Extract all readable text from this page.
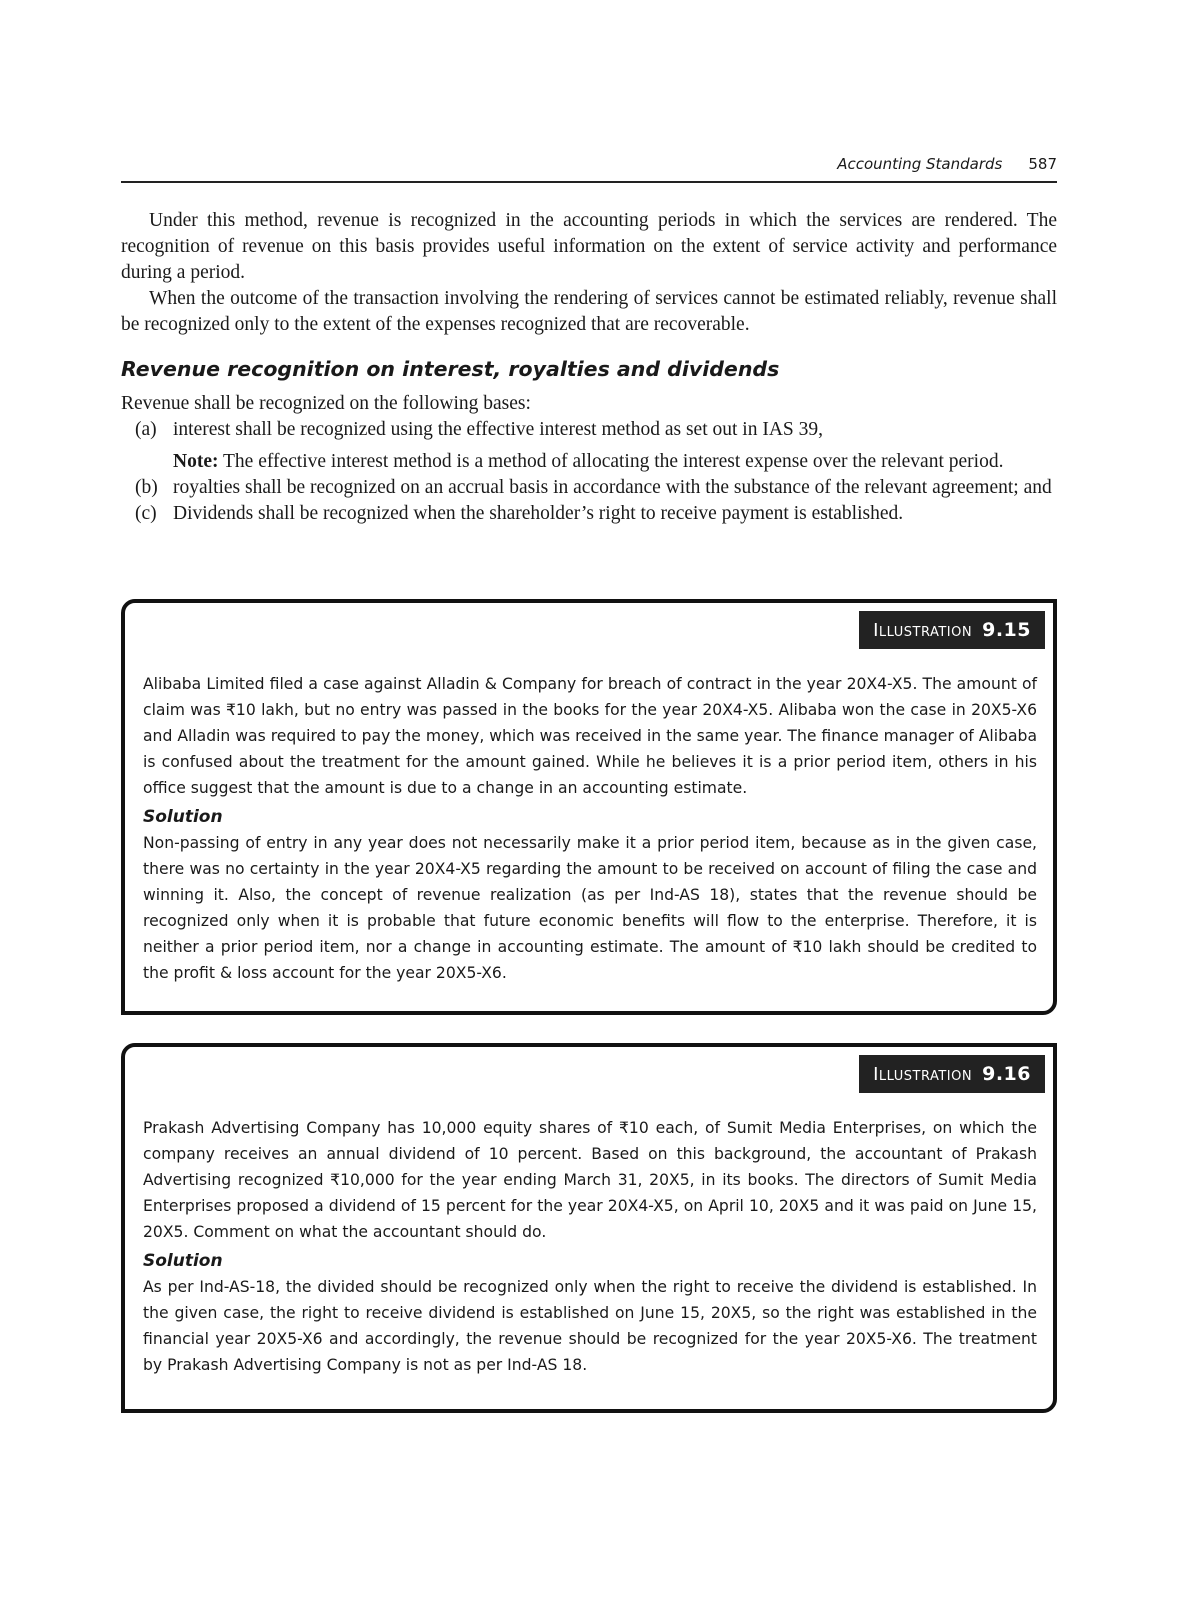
Accounting Standards 587

Under this method, revenue is recognized in the accounting periods in which the services are rendered. The recognition of revenue on this basis provides useful information on the extent of service activity and performance during a period.

When the outcome of the transaction involving the rendering of services cannot be estimated reliably, revenue shall be recognized only to the extent of the expenses recognized that are recoverable.

Revenue recognition on interest, royalties and dividends

Revenue shall be recognized on the following bases:

(a) interest shall be recognized using the effective interest method as set out in IAS 39,
Note: The effective interest method is a method of allocating the interest expense over the relevant period.
(b) royalties shall be recognized on an accrual basis in accordance with the substance of the relevant agreement; and
(c) Dividends shall be recognized when the shareholder’s right to receive payment is established.
Illustration 9.15

Alibaba Limited filed a case against Alladin & Company for breach of contract in the year 20X4-X5. The amount of claim was ₹10 lakh, but no entry was passed in the books for the year 20X4-X5. Alibaba won the case in 20X5-X6 and Alladin was required to pay the money, which was received in the same year. The finance manager of Alibaba is confused about the treatment for the amount gained. While he believes it is a prior period item, others in his office suggest that the amount is due to a change in an accounting estimate.

Solution

Non-passing of entry in any year does not necessarily make it a prior period item, because as in the given case, there was no certainty in the year 20X4-X5 regarding the amount to be received on account of filing the case and winning it. Also, the concept of revenue realization (as per Ind-AS 18), states that the revenue should be recognized only when it is probable that future economic benefits will flow to the enterprise. Therefore, it is neither a prior period item, nor a change in accounting estimate. The amount of ₹10 lakh should be credited to the profit & loss account for the year 20X5-X6.

Illustration 9.16

Prakash Advertising Company has 10,000 equity shares of ₹10 each, of Sumit Media Enterprises, on which the company receives an annual dividend of 10 percent. Based on this background, the accountant of Prakash Advertising recognized ₹10,000 for the year ending March 31, 20X5, in its books. The directors of Sumit Media Enterprises proposed a dividend of 15 percent for the year 20X4-X5, on April 10, 20X5 and it was paid on June 15, 20X5. Comment on what the accountant should do.

Solution

As per Ind-AS-18, the divided should be recognized only when the right to receive the dividend is established. In the given case, the right to receive dividend is established on June 15, 20X5, so the right was established in the financial year 20X5-X6 and accordingly, the revenue should be recognized for the year 20X5-X6. The treatment by Prakash Advertising Company is not as per Ind-AS 18.
